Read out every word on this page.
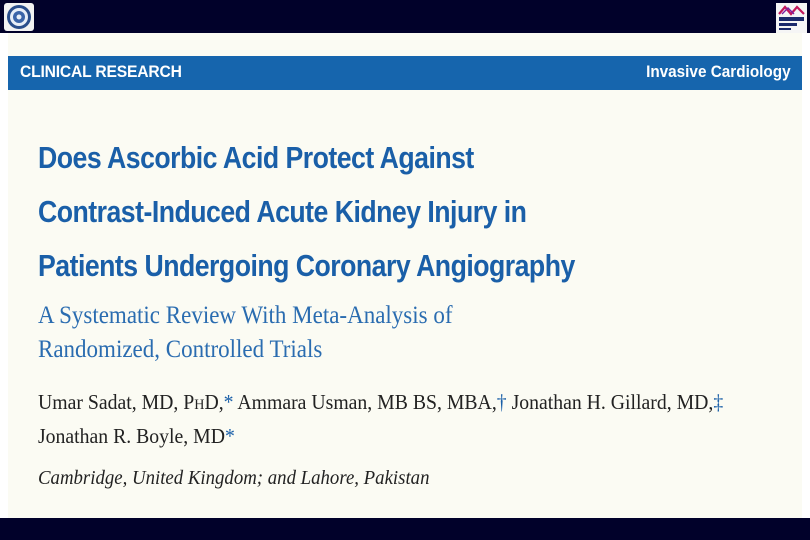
CLINICAL RESEARCH	Invasive Cardiology
Does Ascorbic Acid Protect Against
Contrast-Induced Acute Kidney Injury in
Patients Undergoing Coronary Angiography
A Systematic Review With Meta-Analysis of
Randomized, Controlled Trials
Umar Sadat, MD, PHD,* Ammara Usman, MB BS, MBA,† Jonathan H. Gillard, MD,‡
Jonathan R. Boyle, MD*
Cambridge, United Kingdom; and Lahore, Pakistan
